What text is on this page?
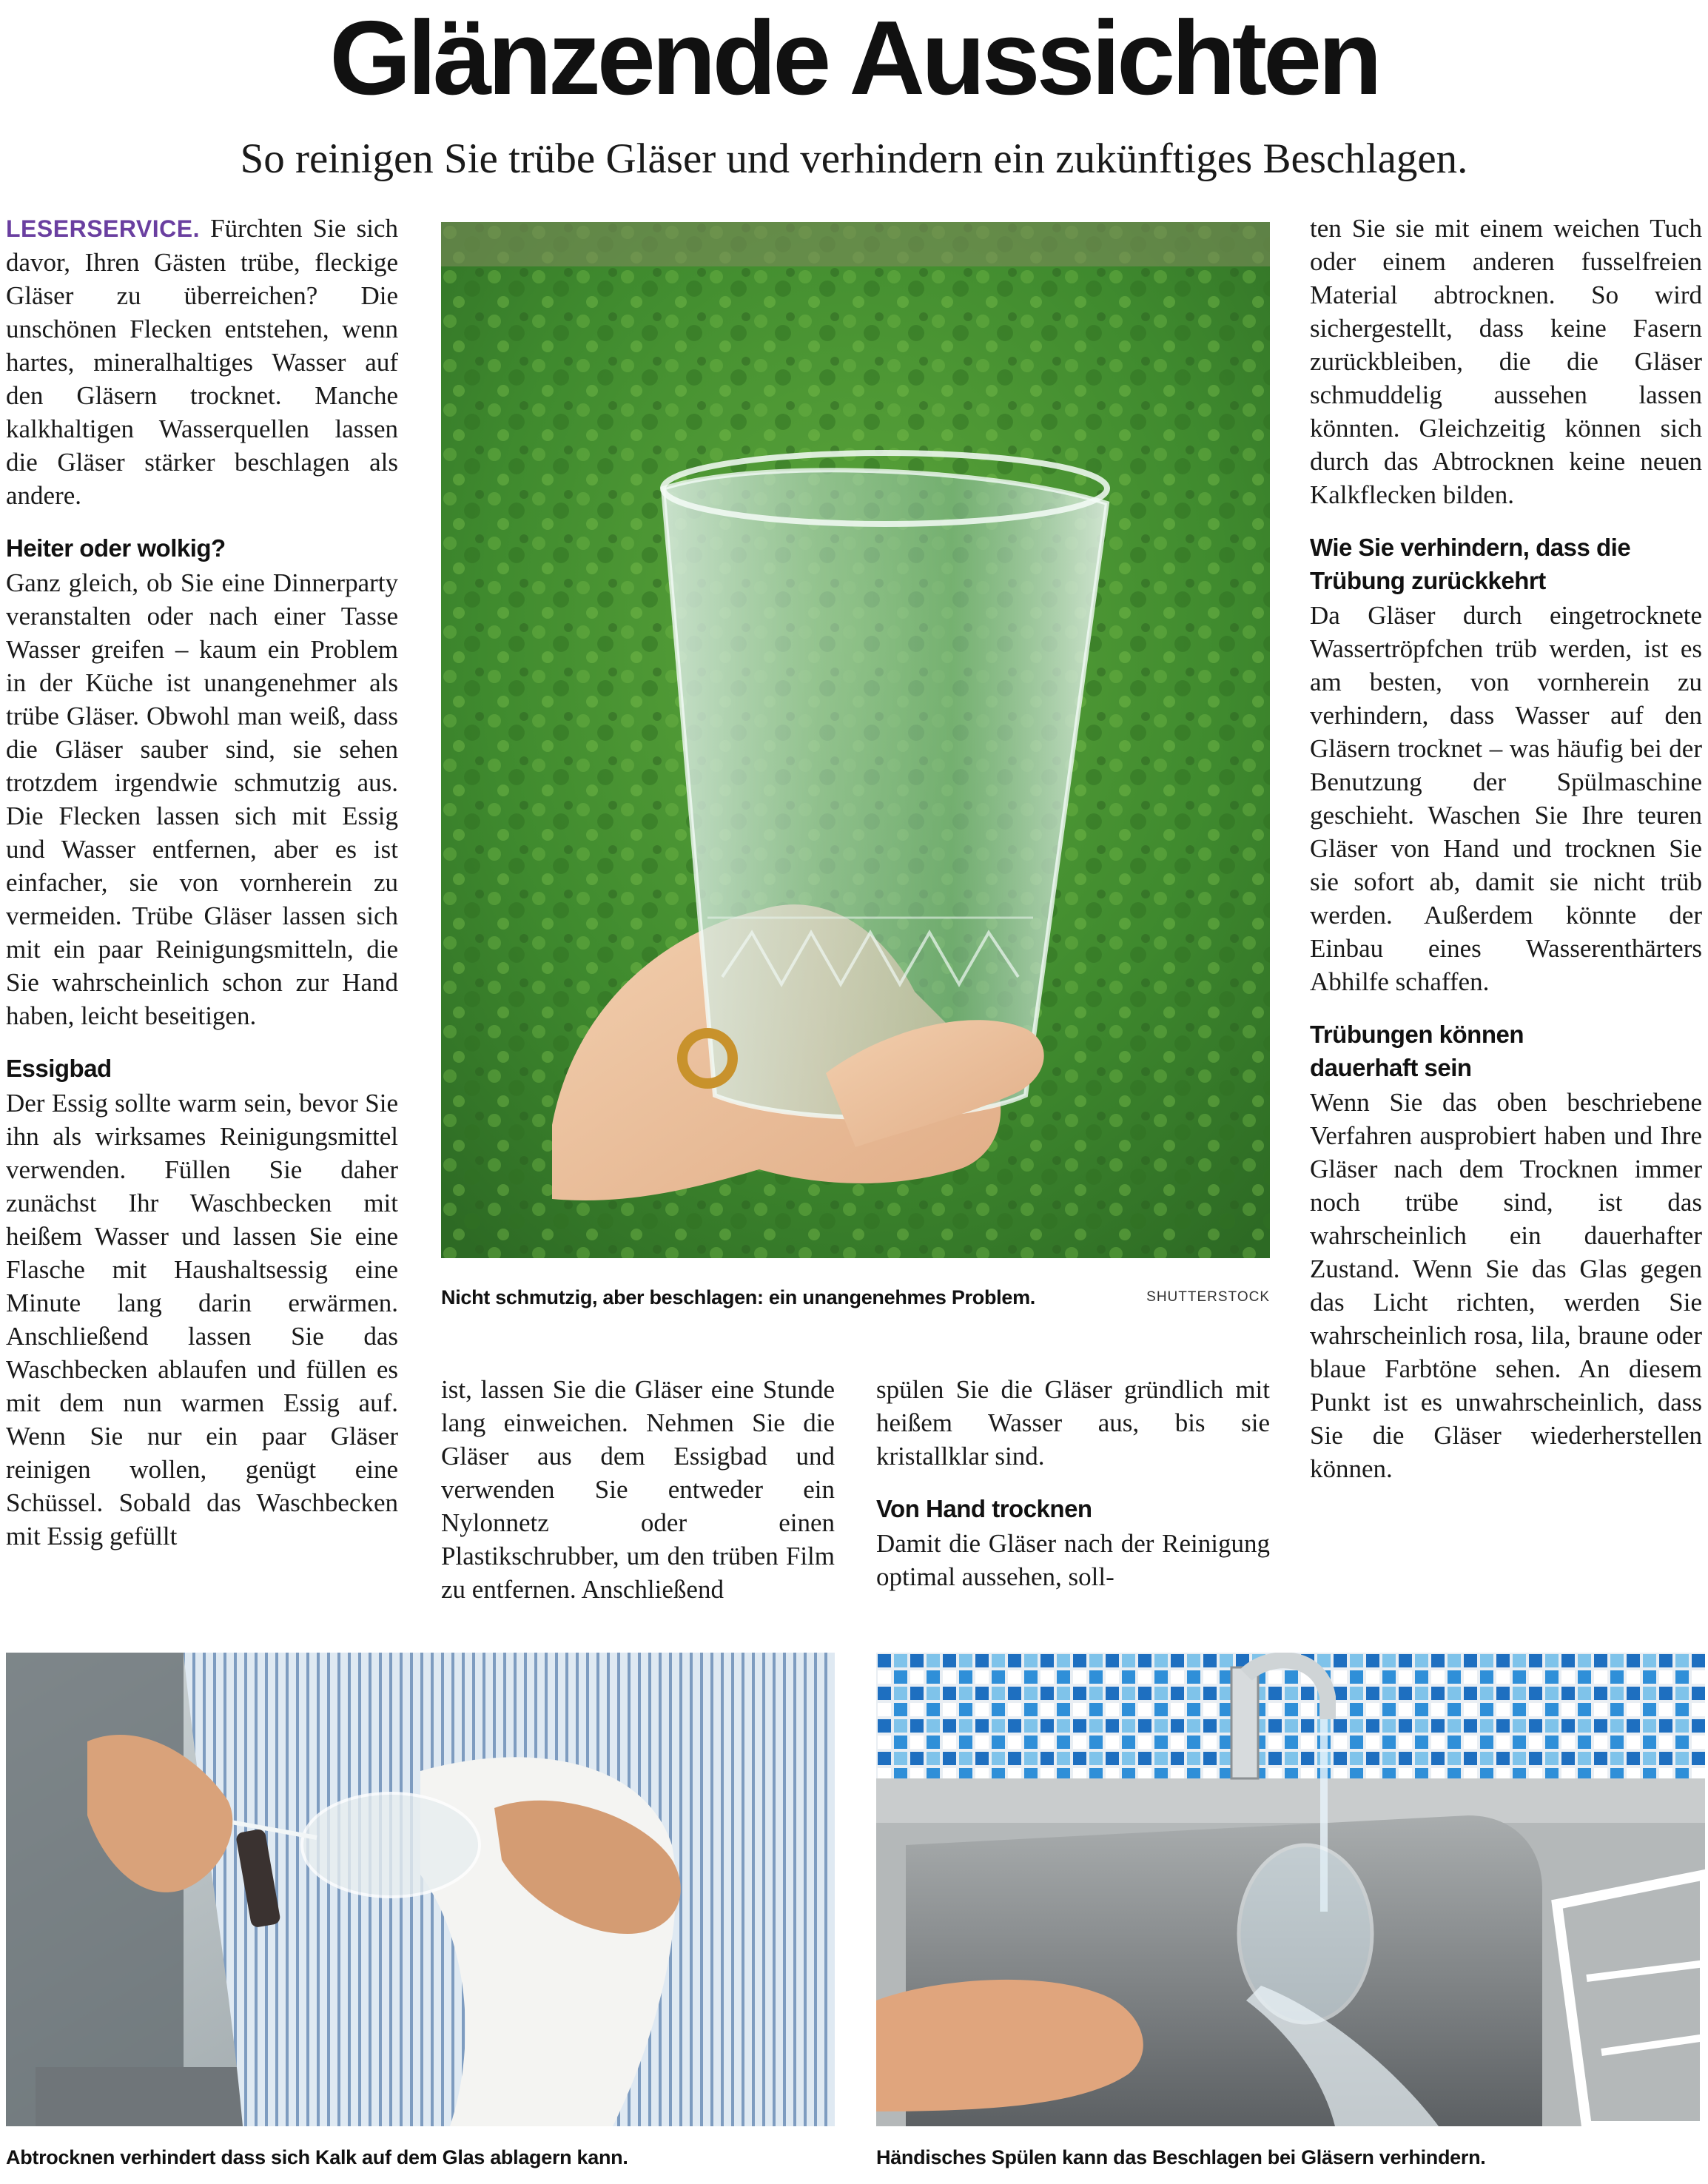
Glänzende Aussichten
So reinigen Sie trübe Gläser und verhindern ein zukünftiges Beschlagen.

LESERSERVICE. Fürchten Sie sich davor, Ihren Gästen trübe, fleckige Gläser zu überreichen? Die unschönen Flecken entstehen, wenn hartes, mineralhaltiges Wasser auf den Gläsern trocknet. Manche kalkhaltigen Wasserquellen lassen die Gläser stärker beschlagen als andere.

Heiter oder wolkig?

Ganz gleich, ob Sie eine Dinnerparty veranstalten oder nach einer Tasse Wasser greifen – kaum ein Problem in der Küche ist unangenehmer als trübe Gläser. Obwohl man weiß, dass die Gläser sauber sind, sie sehen trotzdem irgendwie schmutzig aus. Die Flecken lassen sich mit Essig und Wasser entfernen, aber es ist einfacher, sie von vornherein zu vermeiden. Trübe Gläser lassen sich mit ein paar Reinigungsmitteln, die Sie wahrscheinlich schon zur Hand haben, leicht beseitigen.

Essigbad

Der Essig sollte warm sein, bevor Sie ihn als wirksames Reinigungsmittel verwenden. Füllen Sie daher zunächst Ihr Waschbecken mit heißem Wasser und lassen Sie eine Flasche mit Haushaltsessig eine Minute lang darin erwärmen. Anschließend lassen Sie das Waschbecken ablaufen und füllen es mit dem nun warmen Essig auf. Wenn Sie nur ein paar Gläser reinigen wollen, genügt eine Schüssel. Sobald das Waschbecken mit Essig gefüllt

Nicht schmutzig, aber beschlagen: ein unangenehmes Problem.	SHUTTERSTOCK

ist, lassen Sie die Gläser eine Stunde lang einweichen. Nehmen Sie die Gläser aus dem Essigbad und verwenden Sie entweder ein Nylonnetz oder einen Plastikschrubber, um den trüben Film zu entfernen. Anschließend

spülen Sie die Gläser gründlich mit heißem Wasser aus, bis sie kristallklar sind.

Von Hand trocknen

Damit die Gläser nach der Reinigung optimal aussehen, soll-

ten Sie sie mit einem weichen Tuch oder einem anderen fusselfreien Material abtrocknen. So wird sichergestellt, dass keine Fasern zurückbleiben, die die Gläser schmuddelig aussehen lassen könnten. Gleichzeitig können sich durch das Abtrocknen keine neuen Kalkflecken bilden.

Wie Sie verhindern, dass die
Trübung zurückkehrt

Da Gläser durch eingetrocknete Wassertröpfchen trüb werden, ist es am besten, von vornherein zu verhindern, dass Wasser auf den Gläsern trocknet – was häufig bei der Benutzung der Spülmaschine geschieht. Waschen Sie Ihre teuren Gläser von Hand und trocknen Sie sie sofort ab, damit sie nicht trüb werden. Außerdem könnte der Einbau eines Wasserenthärters Abhilfe schaffen.

Trübungen können
dauerhaft sein

Wenn Sie das oben beschriebene Verfahren ausprobiert haben und Ihre Gläser nach dem Trocknen immer noch trübe sind, ist das wahrscheinlich ein dauerhafter Zustand. Wenn Sie das Glas gegen das Licht richten, werden Sie wahrscheinlich rosa, lila, braune oder blaue Farbtöne sehen. An diesem Punkt ist es unwahrscheinlich, dass Sie die Gläser wiederherstellen können.

Abtrocknen verhindert dass sich Kalk auf dem Glas ablagern kann.	Händisches Spülen kann das Beschlagen bei Gläsern verhindern.
